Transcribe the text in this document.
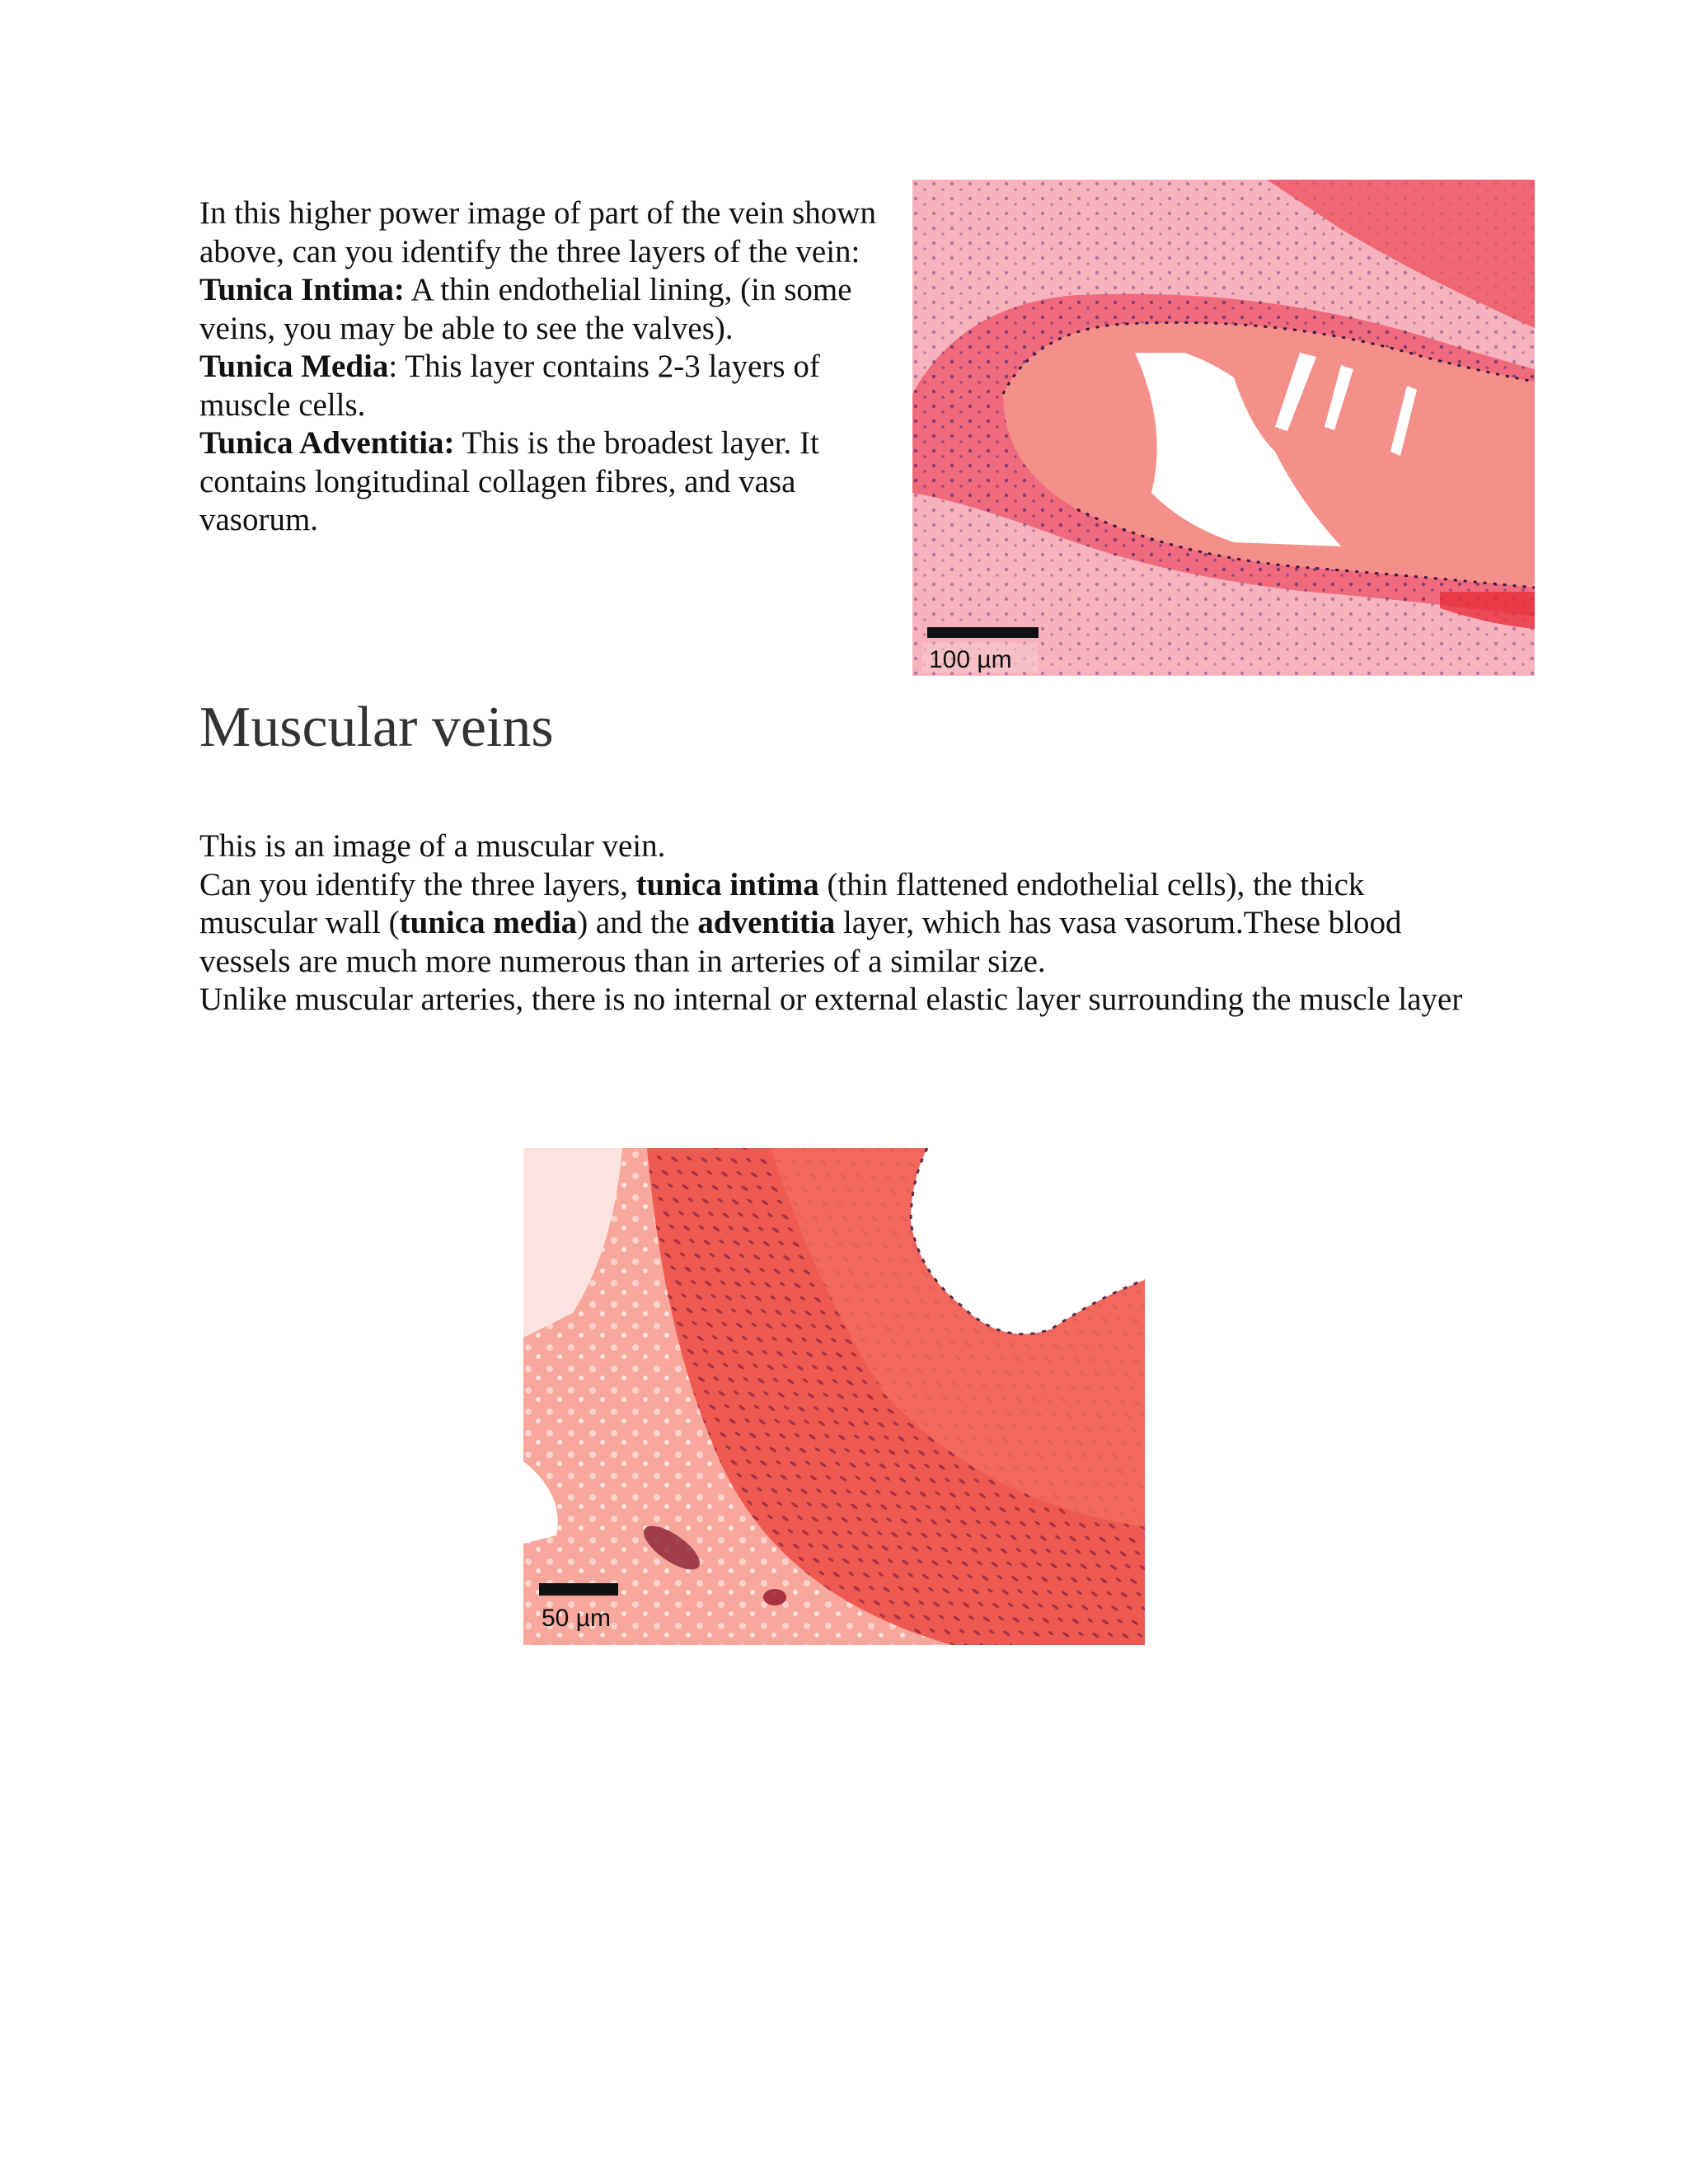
In this higher power image of part of the vein shown above, can you identify the three layers of the vein:

Tunica Intima: A thin endothelial lining, (in some veins, you may be able to see the valves).

Tunica Media: This layer contains 2-3 layers of muscle cells.

Tunica Adventitia: This is the broadest layer. It contains longitudinal collagen fibres, and vasa vasorum.

100 µm
Muscular veins

This is an image of a muscular vein.

Can you identify the three layers, tunica intima (thin flattened endothelial cells), the thick muscular wall (tunica media) and the adventitia layer, which has vasa vasorum.These blood vessels are much more numerous than in arteries of a similar size.

Unlike muscular arteries, there is no internal or external elastic layer surrounding the muscle layer

50 µm
